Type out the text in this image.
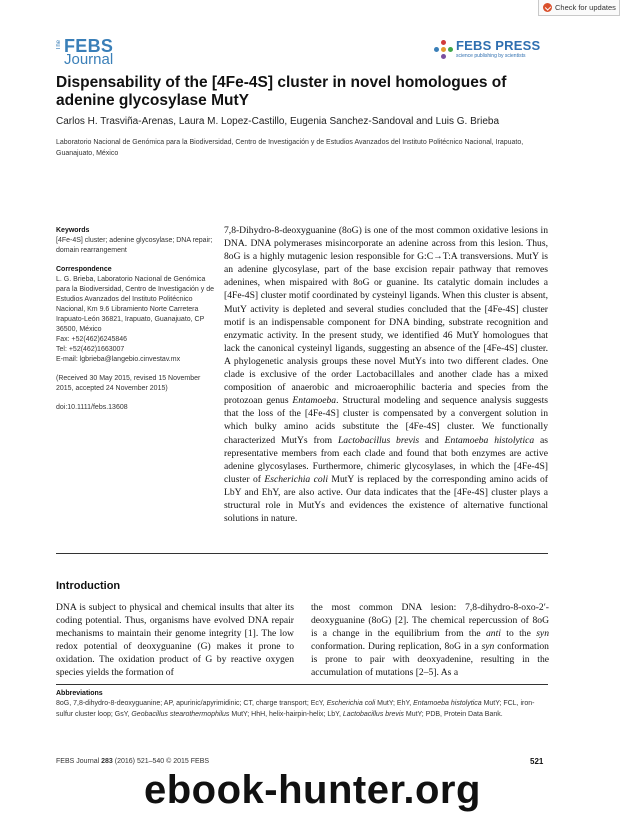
Check for updates
The FEBS
Journal
FEBS PRESS
science publishing by scientists
Dispensability of the [4Fe-4S] cluster in novel homologues of adenine glycosylase MutY
Carlos H. Trasviña-Arenas, Laura M. Lopez-Castillo, Eugenia Sanchez-Sandoval and Luis G. Brieba
Laboratorio Nacional de Genómica para la Biodiversidad, Centro de Investigación y de Estudios Avanzados del Instituto Politécnico Nacional, Irapuato, Guanajuato, México
Keywords

[4Fe-4S] cluster; adenine glycosylase; DNA repair; domain rearrangement

Correspondence

L. G. Brieba, Laboratorio Nacional de Genómica para la Biodiversidad, Centro de Investigación y de Estudios Avanzados del Instituto Politécnico Nacional, Km 9.6 Libramiento Norte Carretera Irapuato-León 36821, Irapuato, Guanajuato, CP 36500, México

Fax: +52(462)6245846

Tel: +52(462)1663007

E-mail: lgbrieba@langebio.cinvestav.mx

(Received 30 May 2015, revised 15 November 2015, accepted 24 November 2015)

doi:10.1111/febs.13608

7,8-Dihydro-8-deoxyguanine (8oG) is one of the most common oxidative lesions in DNA. DNA polymerases misincorporate an adenine across from this lesion. Thus, 8oG is a highly mutagenic lesion responsible for G:C→T:A transversions. MutY is an adenine glycosylase, part of the base excision repair pathway that removes adenines, when mispaired with 8oG or guanine. Its catalytic domain includes a [4Fe-4S] cluster motif coordinated by cysteinyl ligands. When this cluster is absent, MutY activity is depleted and several studies concluded that the [4Fe-4S] cluster motif is an indispensable component for DNA binding, substrate recognition and enzymatic activity. In the present study, we identified 46 MutY homologues that lack the canonical cysteinyl ligands, suggesting an absence of the [4Fe-4S] cluster. A phylogenetic analysis groups these novel MutYs into two different clades. One clade is exclusive of the order Lactobacillales and another clade has a mixed composition of anaerobic and microaerophilic bacteria and species from the protozoan genus Entamoeba. Structural modeling and sequence analysis suggests that the loss of the [4Fe-4S] cluster is compensated by a convergent solution in which bulky amino acids substitute the [4Fe-4S] cluster. We functionally characterized MutYs from Lactobacillus brevis and Entamoeba histolytica as representative members from each clade and found that both enzymes are active adenine glycosylases. Furthermore, chimeric glycosylases, in which the [4Fe-4S] cluster of Escherichia coli MutY is replaced by the corresponding amino acids of LbY and EhY, are also active. Our data indicates that the [4Fe-4S] cluster plays a structural role in MutYs and evidences the existence of alternative functional solutions in nature.
Introduction
DNA is subject to physical and chemical insults that alter its coding potential. Thus, organisms have evolved DNA repair mechanisms to maintain their genome integrity [1]. The low redox potential of deoxyguanine (G) makes it prone to oxidation. The oxidation product of G by reactive oxygen species yields the formation of
the most common DNA lesion: 7,8-dihydro-8-oxo-2′-deoxyguanine (8oG) [2]. The chemical repercussion of 8oG is a change in the equilibrium from the anti to the syn conformation. During replication, 8oG in a syn conformation is prone to pair with deoxyadenine, resulting in the accumulation of mutations [2–5]. As a
Abbreviations
8oG, 7,8-dihydro-8-deoxyguanine; AP, apurinic/apyrimidinic; CT, charge transport; EcY, Escherichia coli MutY; EhY, Entamoeba histolytica MutY; FCL, iron-sulfur cluster loop; GsY, Geobacillus stearothermophilus MutY; HhH, helix-hairpin-helix; LbY, Lactobacillus brevis MutY; PDB, Protein Data Bank.
FEBS Journal 283 (2016) 521–540 © 2015 FEBS	521
ebook-hunter.org
